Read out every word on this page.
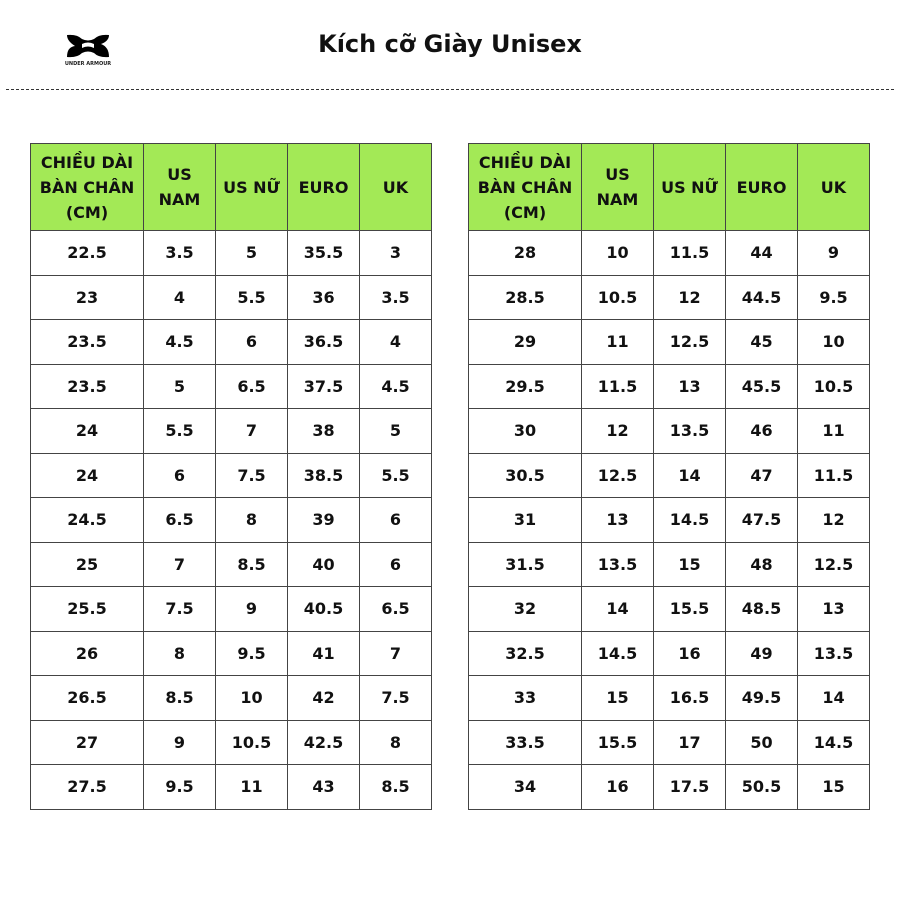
UNDER ARMOUR
Kích cỡ Giày Unisex
CHIỀU DÀI BÀN CHÂN (CM)	US NAM	US NỮ	EURO	UK
22.5	3.5	5	35.5	3
23	4	5.5	36	3.5
23.5	4.5	6	36.5	4
23.5	5	6.5	37.5	4.5
24	5.5	7	38	5
24	6	7.5	38.5	5.5
24.5	6.5	8	39	6
25	7	8.5	40	6
25.5	7.5	9	40.5	6.5
26	8	9.5	41	7
26.5	8.5	10	42	7.5
27	9	10.5	42.5	8
27.5	9.5	11	43	8.5
CHIỀU DÀI BÀN CHÂN (CM)	US NAM	US NỮ	EURO	UK
28	10	11.5	44	9
28.5	10.5	12	44.5	9.5
29	11	12.5	45	10
29.5	11.5	13	45.5	10.5
30	12	13.5	46	11
30.5	12.5	14	47	11.5
31	13	14.5	47.5	12
31.5	13.5	15	48	12.5
32	14	15.5	48.5	13
32.5	14.5	16	49	13.5
33	15	16.5	49.5	14
33.5	15.5	17	50	14.5
34	16	17.5	50.5	15
